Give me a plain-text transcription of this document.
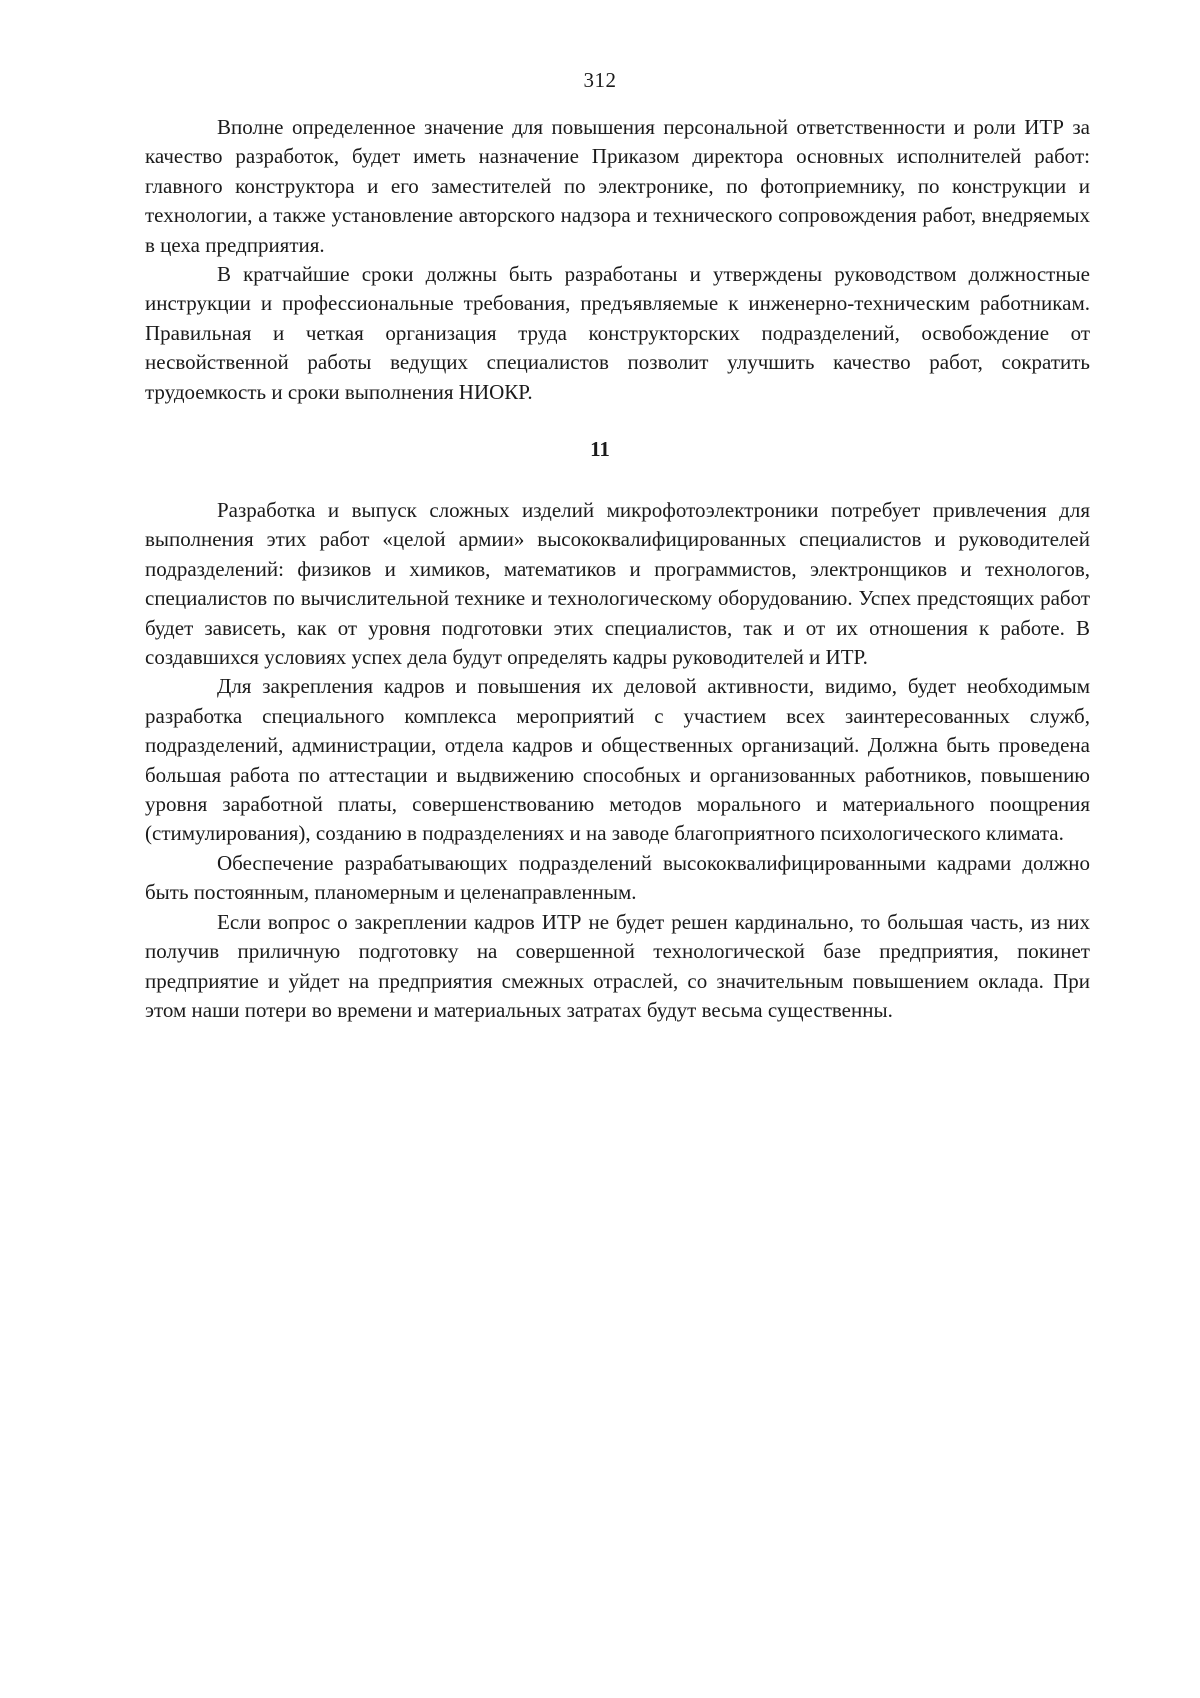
312

Вполне определенное значение для повышения персональной ответственности и роли ИТР за качество разработок, будет иметь назначение Приказом директора основных исполнителей работ: главного конструктора и его заместителей по электронике, по фотоприемнику, по конструкции и технологии, а также установление авторского надзора и технического сопровождения работ, внедряемых в цеха предприятия.

В кратчайшие сроки должны быть разработаны и утверждены руководством должностные инструкции и профессиональные требования, предъявляемые к инженерно-техническим работникам. Правильная и четкая организация труда конструкторских подразделений, освобождение от несвойственной работы ведущих специалистов позволит улучшить качество работ, сократить трудоемкость и сроки выполнения НИОКР.

11

Разработка и выпуск сложных изделий микрофотоэлектроники потребует привлечения для выполнения этих работ «целой армии» высококвалифицированных специалистов и руководителей подразделений: физиков и химиков, математиков и программистов, электронщиков и технологов, специалистов по вычислительной технике и технологическому оборудованию. Успех предстоящих работ будет зависеть, как от уровня подготовки этих специалистов, так и от их отношения к работе. В создавшихся условиях успех дела будут определять кадры руководителей и ИТР.

Для закрепления кадров и повышения их деловой активности, видимо, будет необходимым разработка специального комплекса мероприятий с участием всех заинтересованных служб, подразделений, администрации, отдела кадров и общественных организаций. Должна быть проведена большая работа по аттестации и выдвижению способных и организованных работников, повышению уровня заработной платы, совершенствованию методов морального и материального поощрения (стимулирования), созданию в подразделениях и на заводе благоприятного психологического климата.

Обеспечение разрабатывающих подразделений высококвалифицированными кадрами должно быть постоянным, планомерным и целенаправленным.

Если вопрос о закреплении кадров ИТР не будет решен кардинально, то большая часть, из них получив приличную подготовку на совершенной технологической базе предприятия, покинет предприятие и уйдет на предприятия смежных отраслей, со значительным повышением оклада. При этом наши потери во времени и материальных затратах будут весьма существенны.
